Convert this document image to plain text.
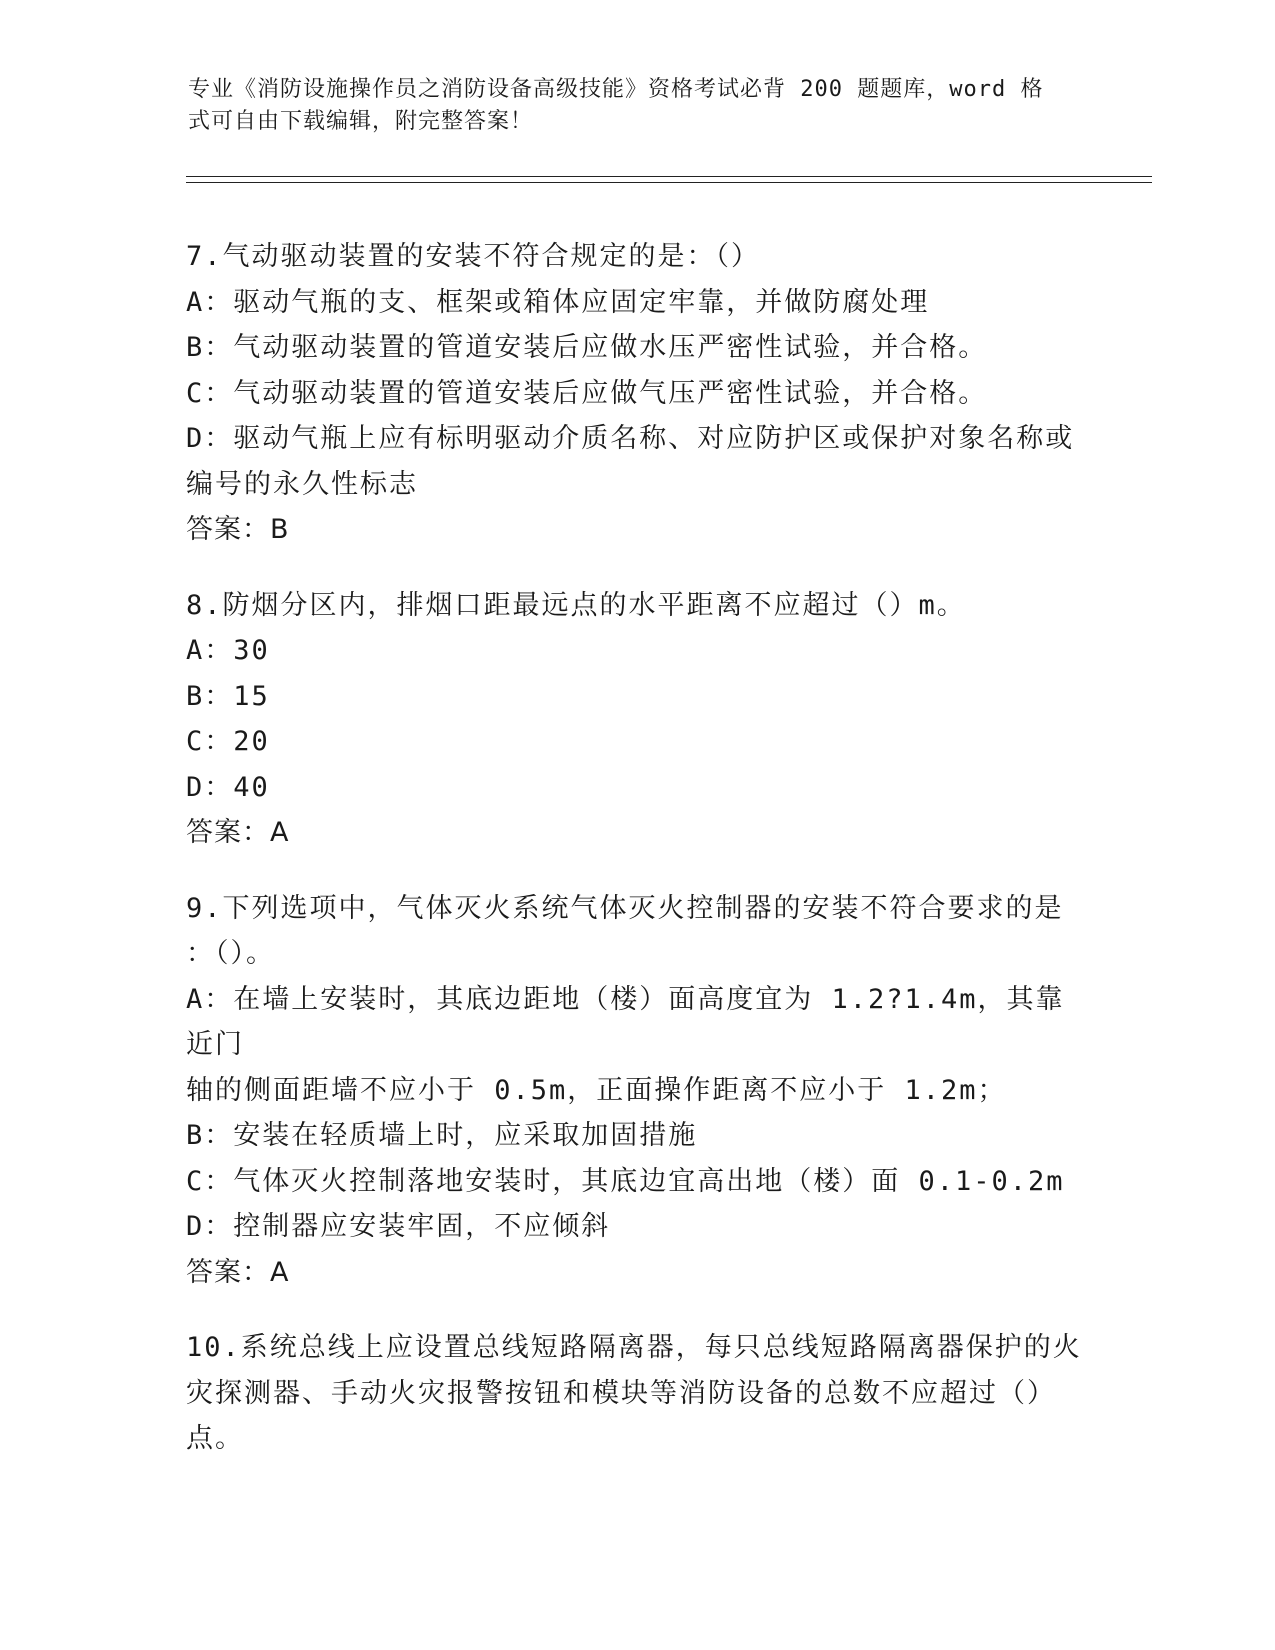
专业《消防设施操作员之消防设备高级技能》资格考试必背 200 题题库，word 格
式可自由下载编辑，附完整答案！
7.气动驱动装置的安装不符合规定的是：（）
A：驱动气瓶的支、框架或箱体应固定牢靠，并做防腐处理
B：气动驱动装置的管道安装后应做水压严密性试验，并合格。
C：气动驱动装置的管道安装后应做气压严密性试验，并合格。
D：驱动气瓶上应有标明驱动介质名称、对应防护区或保护对象名称或
编号的永久性标志
答案：B
8.防烟分区内，排烟口距最远点的水平距离不应超过（）m。
A：30
B：15
C：20
D：40
答案：A
9.下列选项中，气体灭火系统气体灭火控制器的安装不符合要求的是
：（）。
A：在墙上安装时，其底边距地（楼）面高度宜为 1.2?1.4m，其靠近门
轴的侧面距墙不应小于 0.5m，正面操作距离不应小于 1.2m；
B：安装在轻质墙上时，应采取加固措施
C：气体灭火控制落地安装时，其底边宜高出地（楼）面 0.1-0.2m
D：控制器应安装牢固，不应倾斜
答案：A
10.系统总线上应设置总线短路隔离器，每只总线短路隔离器保护的火
灾探测器、手动火灾报警按钮和模块等消防设备的总数不应超过（）
点。
